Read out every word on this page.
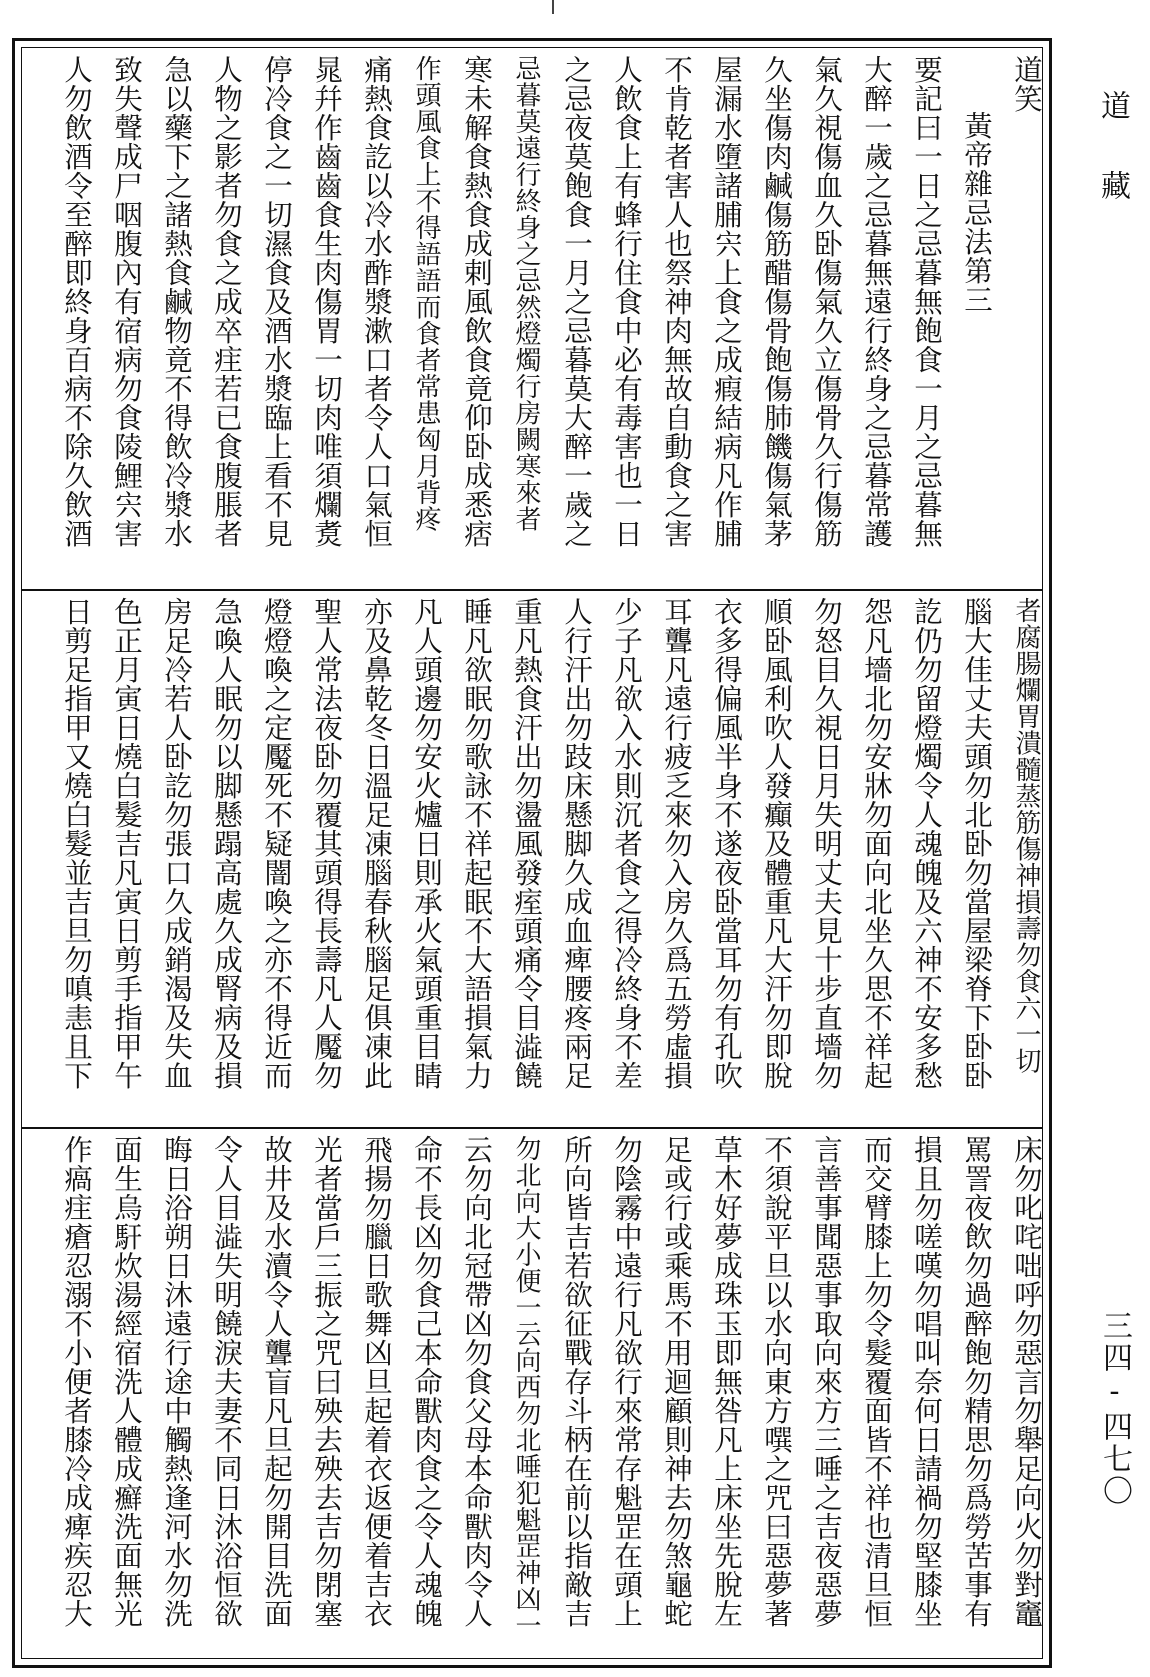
道笑
黃帝雜忌法第三
要記曰一日之忌暮無飽食一月之忌暮無
大醉一歲之忌暮無遠行終身之忌暮常護
氣久視傷血久卧傷氣久立傷骨久行傷筋
久坐傷肉鹹傷筋醋傷骨飽傷肺饑傷氣茅
屋漏水墮諸脯宍上食之成瘕結病凡作脯
不肯乾者害人也祭神肉無故自動食之害
人飲食上有蜂行住食中必有毒害也一日
之忌夜莫飽食一月之忌暮莫大醉一歲之
忌暮莫遠行終身之忌然燈燭行房闕寒來者
寒未解食熱食成剌風飲食竟仰卧成悉痞
作頭風食上不得語語而食者常患匈月背疼
痛熱食訖以冷水酢漿漱口者令人口氣恒
晁幷作齒齒食生肉傷胃一切肉唯須爛煑
停冷食之一切濕食及酒水漿臨上看不見
人物之影者勿食之成卒疰若已食腹脹者
急以藥下之諸熱食鹹物竟不得飲冷漿水
致失聲成尸咽腹內有宿病勿食陵鯉宍害
人勿飲酒令至醉即終身百病不除久飲酒
者腐腸爛胃潰髓蒸筋傷神損壽勿食六一切
腦大佳丈夫頭勿北卧勿當屋梁脊下卧卧
訖仍勿留燈燭令人魂魄及六神不安多愁
怨凡墻北勿安牀勿面向北坐久思不祥起
勿怒目久視日月失明丈夫見十步直墻勿
順卧風利吹人發癲及體重凡大汗勿即脫
衣多得偏風半身不遂夜卧當耳勿有孔吹
耳聾凡遠行疲乏來勿入房久爲五勞虛損
少子凡欲入水則沉者食之得冷終身不差
人行汗出勿跂床懸脚久成血痺腰疼兩足
重凡熱食汗出勿盪風發痓頭痛令目澁饒
睡凡欲眠勿歌詠不祥起眠不大語損氣力
凡人頭邊勿安火爐日則承火氣頭重目睛
亦及鼻乾冬日溫足凍腦春秋腦足俱凍此
聖人常法夜卧勿覆其頭得長壽凡人魘勿
燈燈喚之定魘死不疑闇喚之亦不得近而
急喚人眠勿以脚懸蹋高處久成腎病及損
房足冷若人卧訖勿張口久成銷渴及失血
色正月寅日燒白髮吉凡寅日剪手指甲午
日剪足指甲又燒白髮並吉旦勿嗔恚且下
床勿叱咤咄呼勿惡言勿舉足向火勿對竈
罵詈夜飲勿過醉飽勿精思勿爲勞苦事有
損且勿嗟嘆勿唱叫奈何日請禍勿堅膝坐
而交臂膝上勿令髮覆面皆不祥也清旦恒
言善事聞惡事取向來方三唾之吉夜惡夢
不須說平旦以水向東方噀之咒曰惡夢著
草木好夢成珠玉即無咎凡上床坐先脫左
足或行或乘馬不用迴顧則神去勿煞龜蛇
勿陰霧中遠行凡欲行來常存魁罡在頭上
所向皆吉若欲征戰存斗柄在前以指敵吉
勿北向大小便一云向西勿北唾犯魁罡神凶一
云勿向北冠帶凶勿食父母本命獸肉令人
命不長凶勿食己本命獸肉食之令人魂魄
飛揚勿臘日歌舞凶旦起着衣返便着吉衣
光者當戶三振之咒曰殃去殃去吉勿閉塞
故井及水瀆令人聾盲凡旦起勿開目洗面
令人目澁失明饒淚夫妻不同日沐浴恒欲
晦日浴朔日沐遠行途中觸熱逢河水勿洗
面生烏馯炊湯經宿洗人體成癬洗面無光
作瘑疰瘡忍溺不小便者膝冷成痺疾忍大
道藏
三四-四七〇
